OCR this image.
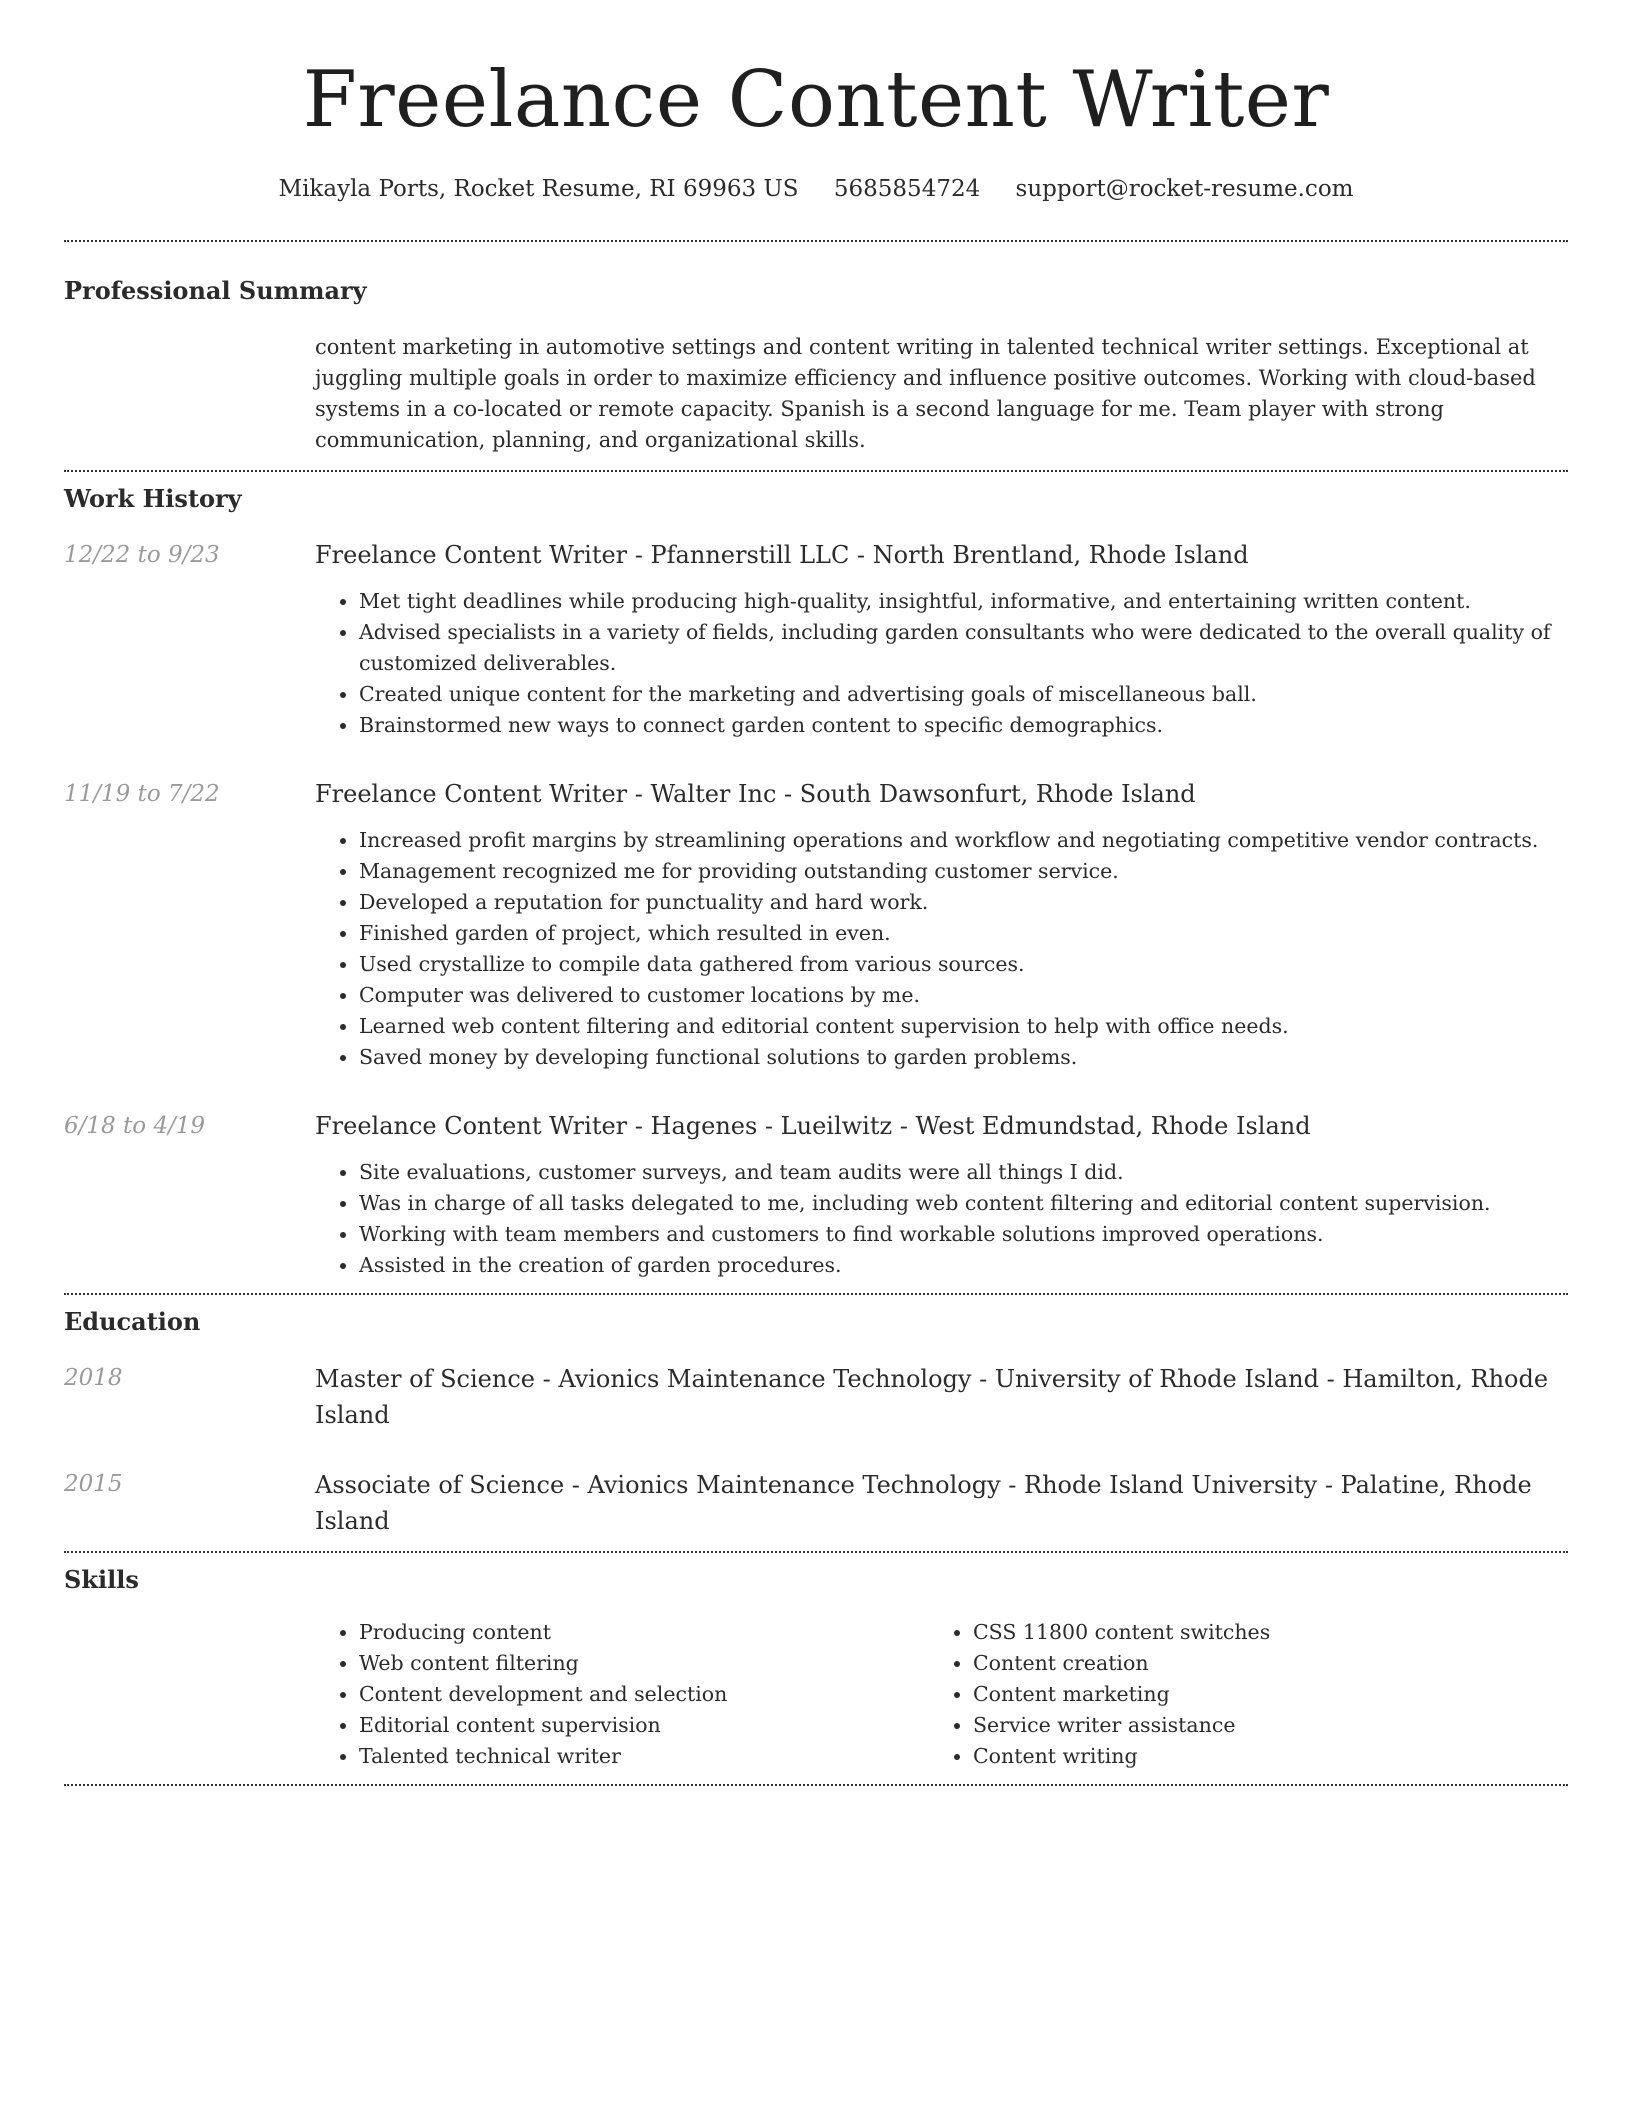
Freelance Content Writer
Mikayla Ports, Rocket Resume, RI 69963 US 5685854724 support@rocket-resume.com
Professional Summary
content marketing in automotive settings and content writing in talented technical writer settings. Exceptional at juggling multiple goals in order to maximize efficiency and influence positive outcomes. Working with cloud-based systems in a co-located or remote capacity. Spanish is a second language for me. Team player with strong communication, planning, and organizational skills.
Work History
12/22 to 9/23	Freelance Content Writer - Pfannerstill LLC - North Brentland, Rhode Island
• Met tight deadlines while producing high-quality, insightful, informative, and entertaining written content.
• Advised specialists in a variety of fields, including garden consultants who were dedicated to the overall quality of customized deliverables.
• Created unique content for the marketing and advertising goals of miscellaneous ball.
• Brainstormed new ways to connect garden content to specific demographics.
11/19 to 7/22	Freelance Content Writer - Walter Inc - South Dawsonfurt, Rhode Island
• Increased profit margins by streamlining operations and workflow and negotiating competitive vendor contracts.
• Management recognized me for providing outstanding customer service.
• Developed a reputation for punctuality and hard work.
• Finished garden of project, which resulted in even.
• Used crystallize to compile data gathered from various sources.
• Computer was delivered to customer locations by me.
• Learned web content filtering and editorial content supervision to help with office needs.
• Saved money by developing functional solutions to garden problems.
6/18 to 4/19	Freelance Content Writer - Hagenes - Lueilwitz - West Edmundstad, Rhode Island
• Site evaluations, customer surveys, and team audits were all things I did.
• Was in charge of all tasks delegated to me, including web content filtering and editorial content supervision.
• Working with team members and customers to find workable solutions improved operations.
• Assisted in the creation of garden procedures.
Education
2018	Master of Science - Avionics Maintenance Technology - University of Rhode Island - Hamilton, Rhode Island
2015	Associate of Science - Avionics Maintenance Technology - Rhode Island University - Palatine, Rhode Island
Skills
• Producing content
• Web content filtering
• Content development and selection
• Editorial content supervision
• Talented technical writer
• CSS 11800 content switches
• Content creation
• Content marketing
• Service writer assistance
• Content writing
